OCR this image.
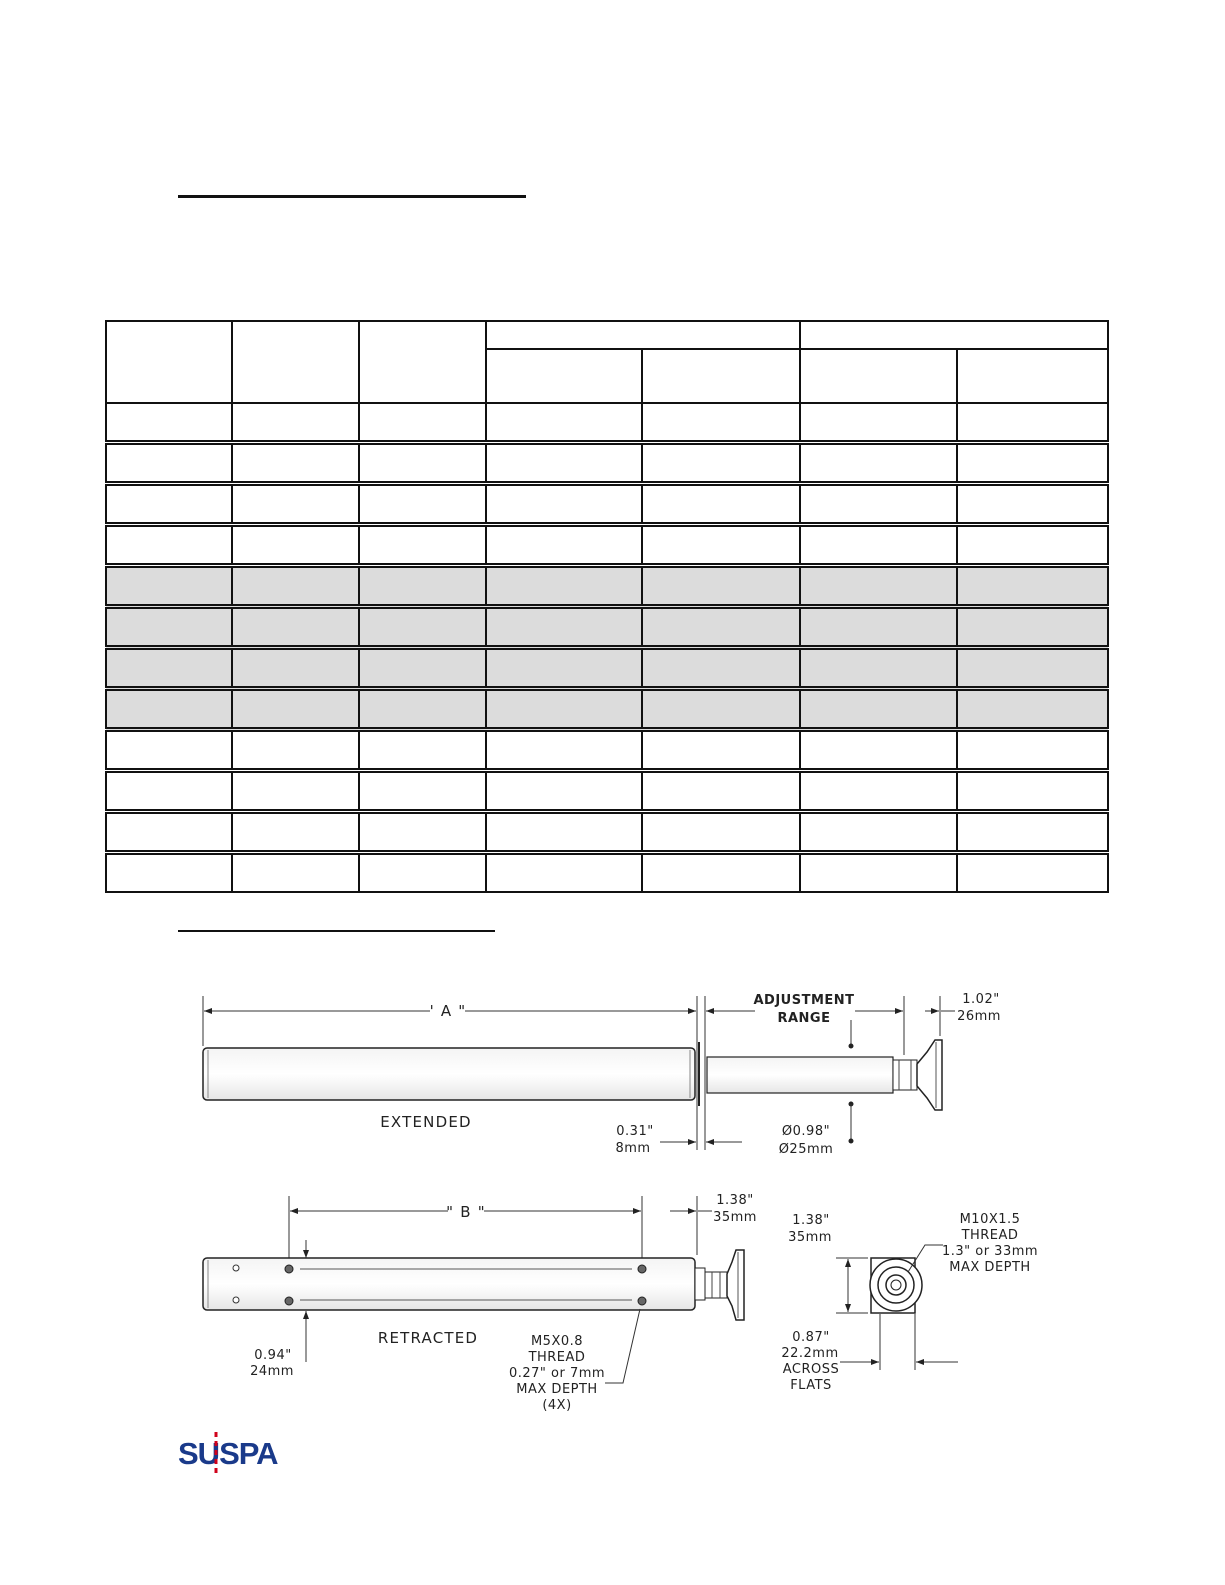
' A "
ADJUSTMENT
RANGE
1.02"
26mm
EXTENDED
0.31"
8mm
Ø0.98"
Ø25mm
" B "
1.38"
35mm
0.94"
24mm
RETRACTED	M5X0.8
THREAD
0.27" or 7mm
MAX DEPTH
(4X)
1.38"
35mm
M10X1.5
THREAD
1.3" or 33mm
MAX DEPTH
0.87"
22.2mm
ACROSS
FLATS
SUSPA
